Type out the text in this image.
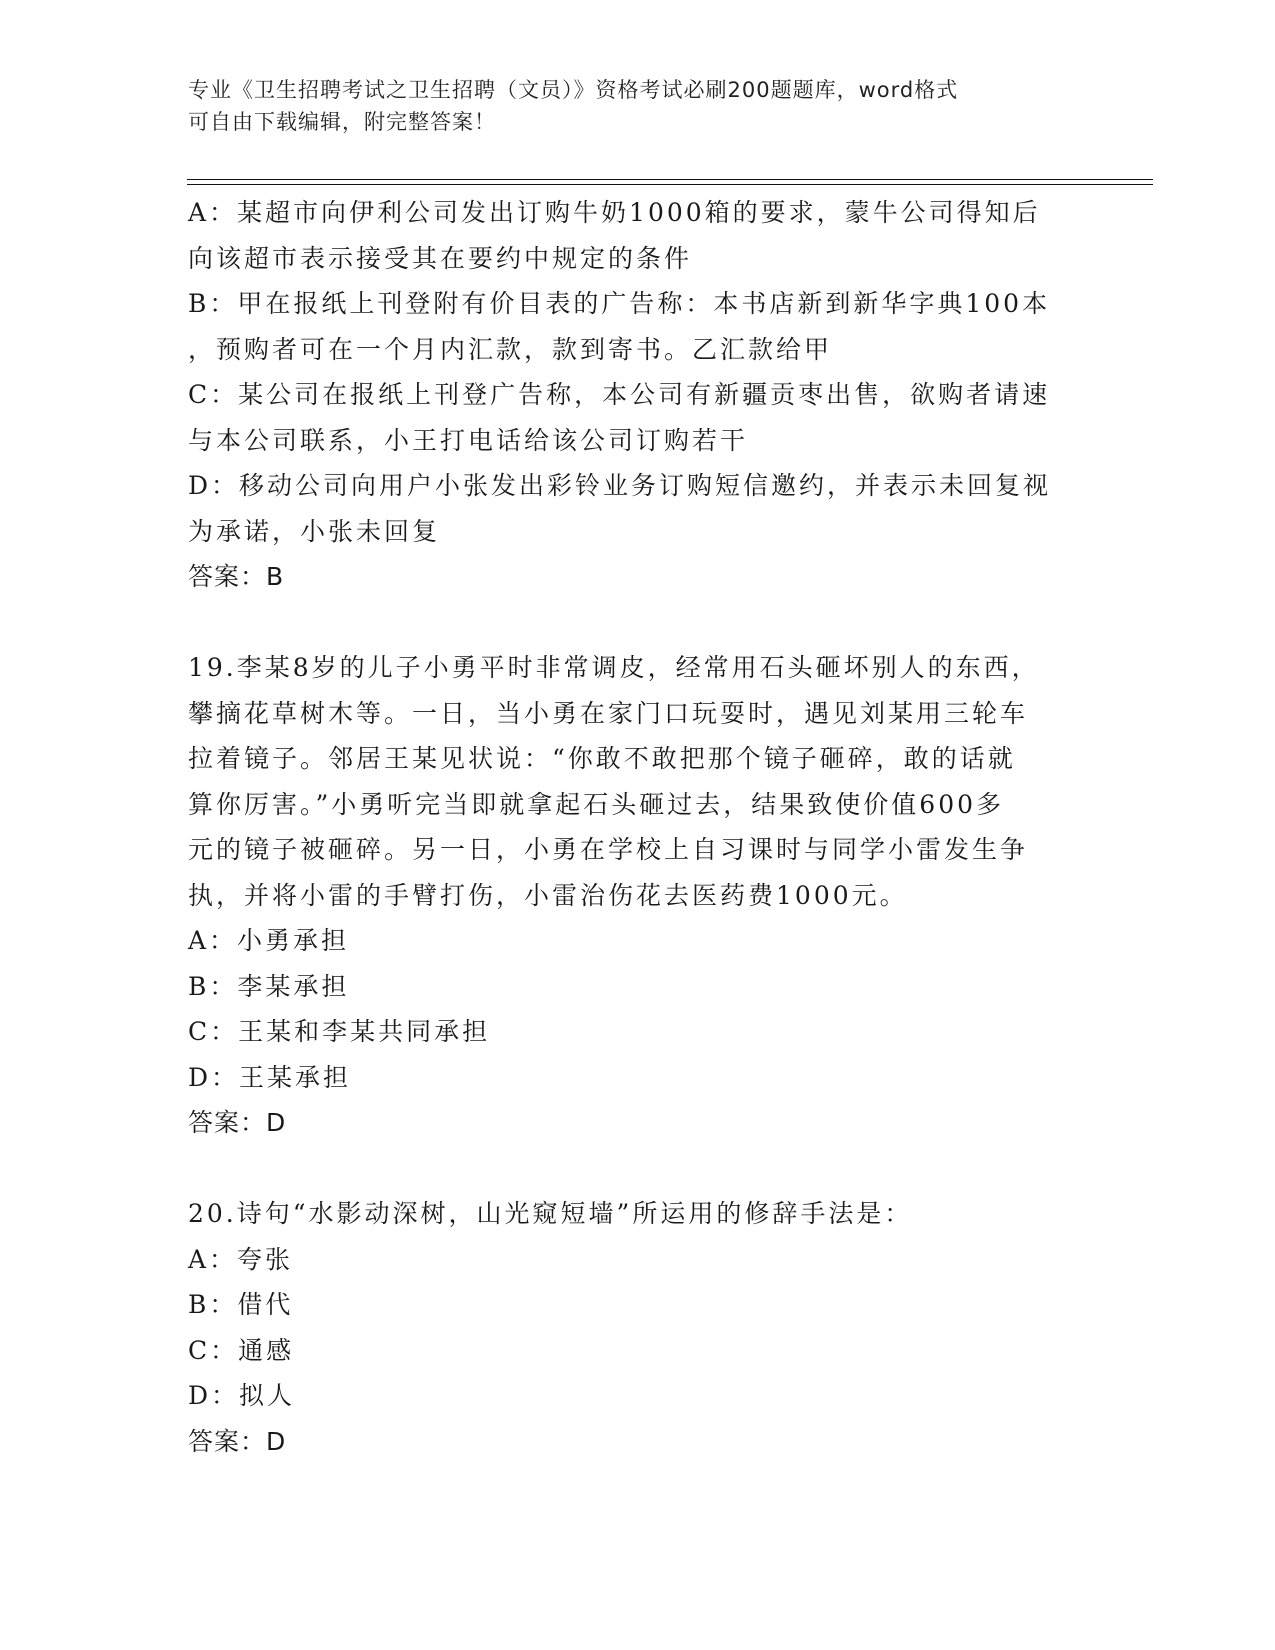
专业《卫生招聘考试之卫生招聘（文员）》资格考试必刷200题题库，word格式
可自由下载编辑，附完整答案！
A：某超市向伊利公司发出订购牛奶1000箱的要求，蒙牛公司得知后
向该超市表示接受其在要约中规定的条件
B：甲在报纸上刊登附有价目表的广告称：本书店新到新华字典100本
，预购者可在一个月内汇款，款到寄书。乙汇款给甲
C：某公司在报纸上刊登广告称，本公司有新疆贡枣出售，欲购者请速
与本公司联系，小王打电话给该公司订购若干
D：移动公司向用户小张发出彩铃业务订购短信邀约，并表示未回复视
为承诺，小张未回复
答案：B
19.李某8岁的儿子小勇平时非常调皮，经常用石头砸坏别人的东西，
攀摘花草树木等。一日，当小勇在家门口玩耍时，遇见刘某用三轮车
拉着镜子。邻居王某见状说：“你敢不敢把那个镜子砸碎，敢的话就
算你厉害。”小勇听完当即就拿起石头砸过去，结果致使价值600多
元的镜子被砸碎。另一日，小勇在学校上自习课时与同学小雷发生争
执，并将小雷的手臂打伤，小雷治伤花去医药费1000元。
A：小勇承担
B：李某承担
C：王某和李某共同承担
D：王某承担
答案：D
20.诗句“水影动深树，山光窥短墙”所运用的修辞手法是：
A：夸张
B：借代
C：通感
D：拟人
答案：D
